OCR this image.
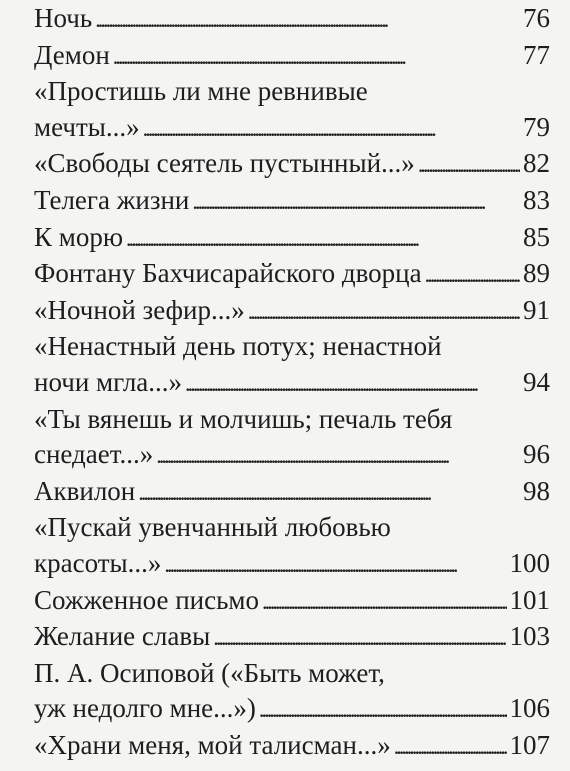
Ночь . . .	76
Демон . . .	77
«Простишь ли мне ревнивые
мечты...» . . .	79
«Свободы сеятель пустынный...» . . .	82
Телега жизни . . .	83
К морю . . .	85
Фонтану Бахчисарайского дворца . . .	89
«Ночной зефир...» . . .	91
«Ненастный день потух; ненастной
ночи мгла...» . . .	94
«Ты вянешь и молчишь; печаль тебя
снедает...» . . .	96
Аквилон . . .	98
«Пускай увенчанный любовью
красоты...» . . .	100
Сожженное письмо . . .	101
Желание славы . . .	103
П. А. Осиповой («Быть может,
уж недолго мне...») . . .	106
«Храни меня, мой талисман...» . . .	107
